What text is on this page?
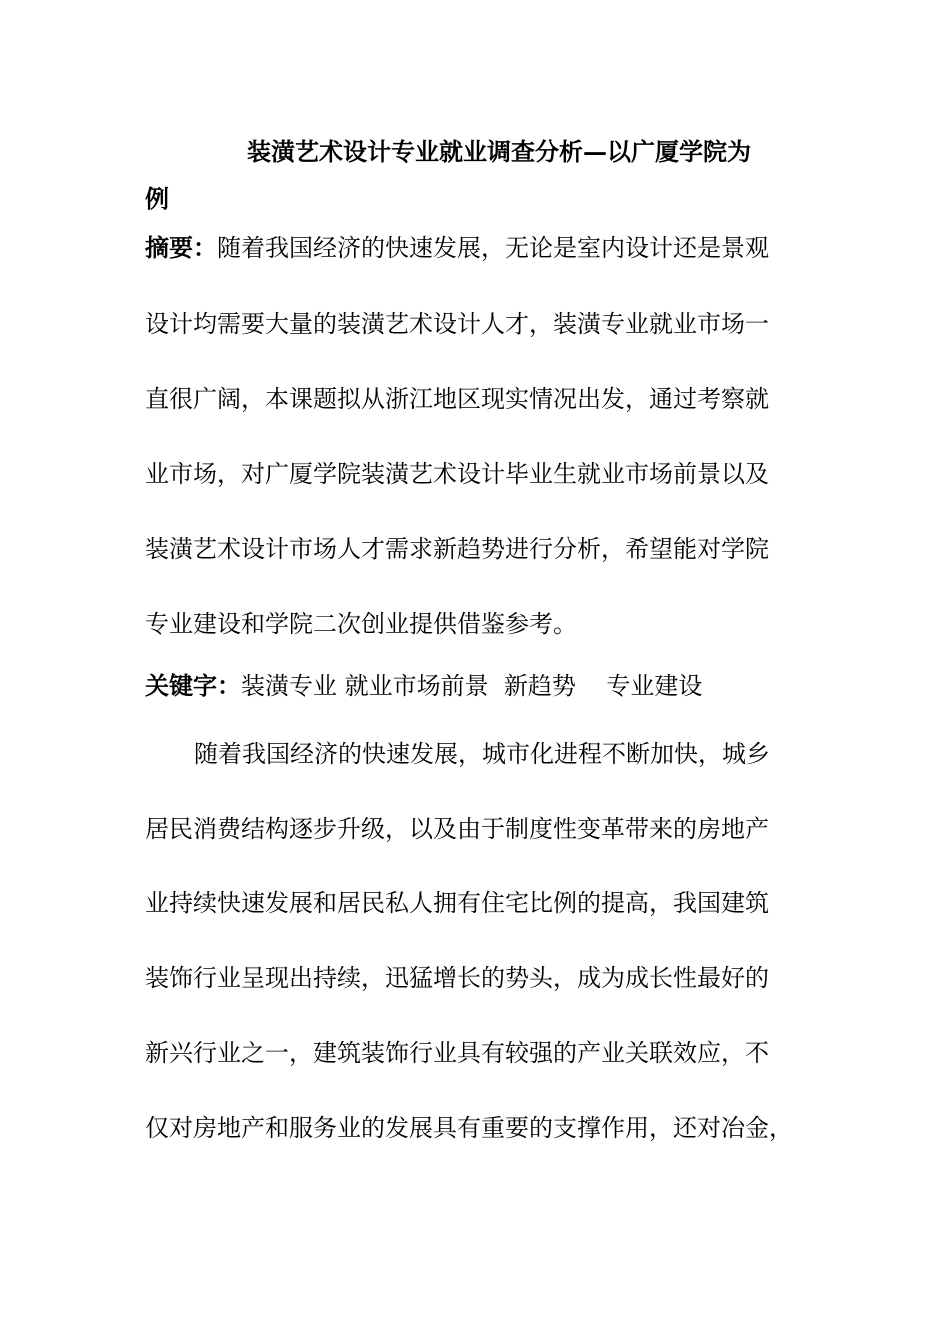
装潢艺术设计专业就业调查分析—以广厦学院为
例
摘要：随着我国经济的快速发展，无论是室内设计还是景观
设计均需要大量的装潢艺术设计人才，装潢专业就业市场一
直很广阔，本课题拟从浙江地区现实情况出发，通过考察就
业市场，对广厦学院装潢艺术设计毕业生就业市场前景以及
装潢艺术设计市场人才需求新趋势进行分析，希望能对学院
专业建设和学院二次创业提供借鉴参考。
关键字：装潢专业 就业市场前景  新趋势    专业建设
随着我国经济的快速发展，城市化进程不断加快，城乡
居民消费结构逐步升级，以及由于制度性变革带来的房地产
业持续快速发展和居民私人拥有住宅比例的提高，我国建筑
装饰行业呈现出持续，迅猛增长的势头，成为成长性最好的
新兴行业之一，建筑装饰行业具有较强的产业关联效应，不
仅对房地产和服务业的发展具有重要的支撑作用，还对冶金，
